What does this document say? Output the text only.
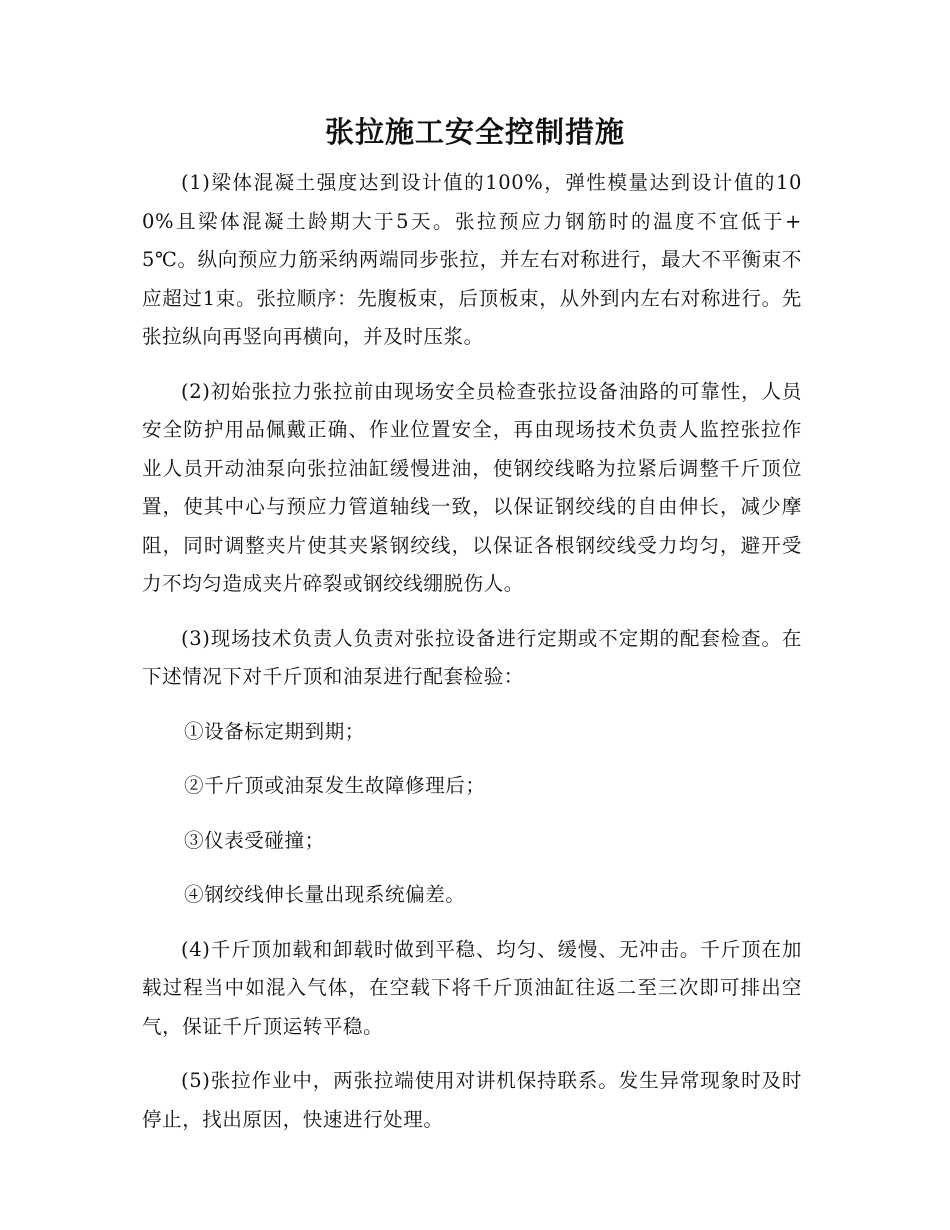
张拉施工安全控制措施

(1)梁体混凝土强度达到设计值的100%，弹性模量达到设计值的100%且梁体混凝土龄期大于5天。张拉预应力钢筋时的温度不宜低于+5℃。纵向预应力筋采纳两端同步张拉，并左右对称进行，最大不平衡束不应超过1束。张拉顺序：先腹板束，后顶板束，从外到内左右对称进行。先张拉纵向再竖向再横向，并及时压浆。

(2)初始张拉力张拉前由现场安全员检查张拉设备油路的可靠性，人员安全防护用品佩戴正确、作业位置安全，再由现场技术负责人监控张拉作业人员开动油泵向张拉油缸缓慢进油，使钢绞线略为拉紧后调整千斤顶位置，使其中心与预应力管道轴线一致，以保证钢绞线的自由伸长，减少摩阻，同时调整夹片使其夹紧钢绞线，以保证各根钢绞线受力均匀，避开受力不均匀造成夹片碎裂或钢绞线绷脱伤人。

(3)现场技术负责人负责对张拉设备进行定期或不定期的配套检查。在下述情况下对千斤顶和油泵进行配套检验：

①设备标定期到期；
②千斤顶或油泵发生故障修理后；
③仪表受碰撞；
④钢绞线伸长量出现系统偏差。

(4)千斤顶加载和卸载时做到平稳、均匀、缓慢、无冲击。千斤顶在加载过程当中如混入气体，在空载下将千斤顶油缸往返二至三次即可排出空气，保证千斤顶运转平稳。

(5)张拉作业中，两张拉端使用对讲机保持联系。发生异常现象时及时停止，找出原因，快速进行处理。
